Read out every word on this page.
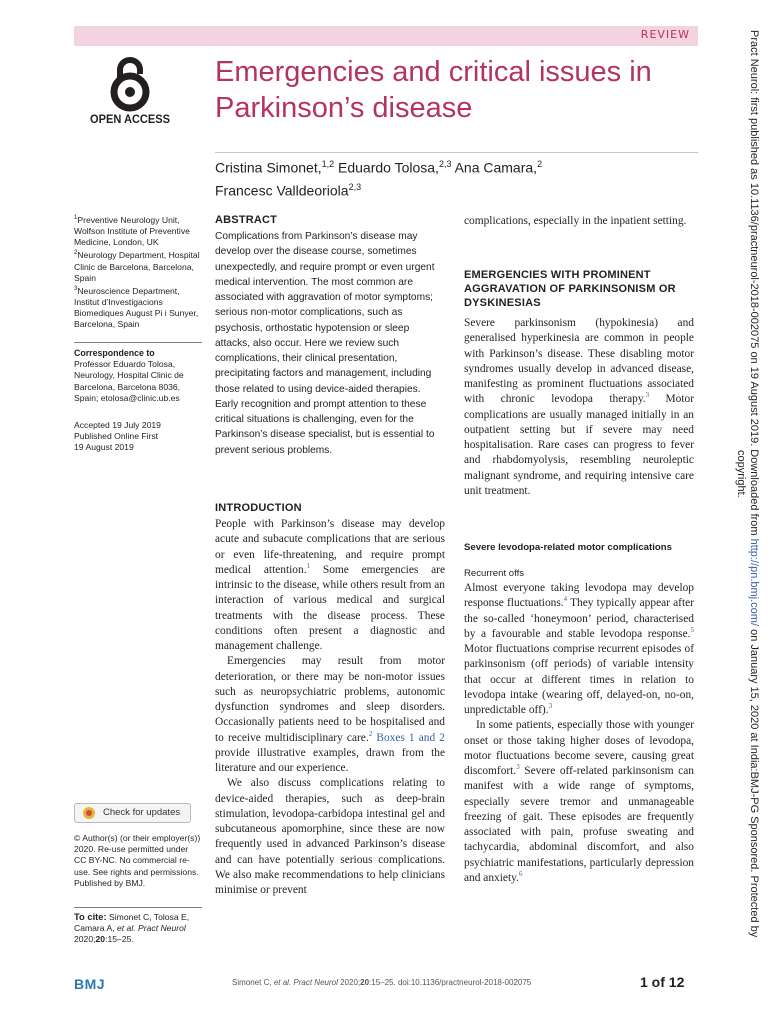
REVIEW
OPEN ACCESS
Emergencies and critical issues in
Parkinson’s disease
Cristina Simonet,$^{1,2}$ Eduardo Tolosa,$^{2,3}$ Ana Camara,$^2$
Francesc Valldeoriola$^{2,3}$
$^1$Preventive Neurology Unit, Wolfson Institute of Preventive Medicine, London, UK
$^2$Neurology Department, Hospital Clinic de Barcelona, Barcelona, Spain
$^3$Neuroscience Department, Institut d’Investigacions Biomediques August Pi i Sunyer, Barcelona, Spain
Correspondence to
Professor Eduardo Tolosa, Neurology, Hospital Clinic de Barcelona, Barcelona 8036, Spain; etolosa@clinic.ub.es
Accepted 19 July 2019
Published Online First
19 August 2019
Check for updates
© Author(s) (or their employer(s)) 2020. Re-use permitted under CC BY-NC. No commercial re-use. See rights and permissions. Published by BMJ.
To cite: Simonet C, Tolosa E, Camara A, et al. Pract Neurol
2020;20:15–25.
ABSTRACT
Complications from Parkinson’s disease may develop over the disease course, sometimes unexpectedly, and require prompt or even urgent medical intervention. The most common are associated with aggravation of motor symptoms; serious non-motor complications, such as psychosis, orthostatic hypotension or sleep attacks, also occur. Here we review such complications, their clinical presentation, precipitating factors and management, including those related to using device-aided therapies. Early recognition and prompt attention to these critical situations is challenging, even for the Parkinson’s disease specialist, but is essential to prevent serious problems.
INTRODUCTION

People with Parkinson’s disease may develop acute and subacute complications that are serious or even life-threatening, and require prompt medical attention.$^1$ Some emergencies are intrinsic to the disease, while others result from an interaction of various medical and surgical treatments with the disease process. These conditions often present a diagnostic and management challenge.

Emergencies may result from motor deterioration, or there may be non-motor issues such as neuropsychiatric problems, autonomic dysfunction syndromes and sleep disorders. Occasionally patients need to be hospitalised and to receive multidisciplinary care.$^2$ Boxes 1 and 2 provide illustrative examples, drawn from the literature and our experience.

We also discuss complications relating to device-aided therapies, such as deep-brain stimulation, levodopa-carbidopa intestinal gel and subcutaneous apomorphine, since these are now frequently used in advanced Parkinson’s disease and can have potentially serious complications. We also make recommendations to help clinicians minimise or prevent

complications, especially in the inpatient setting.
EMERGENCIES WITH PROMINENT AGGRAVATION OF PARKINSONISM OR DYSKINESIAS

Severe parkinsonism (hypokinesia) and generalised hyperkinesia are common in people with Parkinson’s disease. These disabling motor syndromes usually develop in advanced disease, manifesting as prominent fluctuations associated with chronic levodopa therapy.$^3$ Motor complications are usually managed initially in an outpatient setting but if severe may need hospitalisation. Rare cases can progress to fever and rhabdomyolysis, resembling neuroleptic malignant syndrome, and requiring intensive care unit treatment.

Severe levodopa-related motor complications
Recurrent offs

Almost everyone taking levodopa may develop response fluctuations.$^4$ They typically appear after the so-called ‘honeymoon’ period, characterised by a favourable and stable levodopa response.$^5$ Motor fluctuations comprise recurrent episodes of parkinsonism (off periods) of variable intensity that occur at different times in relation to levodopa intake (wearing off, delayed-on, no-on, unpredictable off).$^3$

In some patients, especially those with younger onset or those taking higher doses of levodopa, motor fluctuations become severe, causing great discomfort.$^3$ Severe off-related parkinsonism can manifest with a wide range of symptoms, especially severe tremor and unmanageable freezing of gait. These episodes are frequently associated with pain, profuse sweating and tachycardia, abdominal discomfort, and also psychiatric manifestations, particularly depression and anxiety.$^6$

BMJ	Simonet C, et al. Pract Neurol 2020;20:15–25. doi:10.1136/practneurol-2018-002075	1 of 12
Pract Neurol: first published as 10.1136/practneurol-2018-002075 on 19 August 2019. Downloaded from http://pn.bmj.com/ on January 15, 2020 at India:BMJ-PG Sponsored. Protected by
copyright.
